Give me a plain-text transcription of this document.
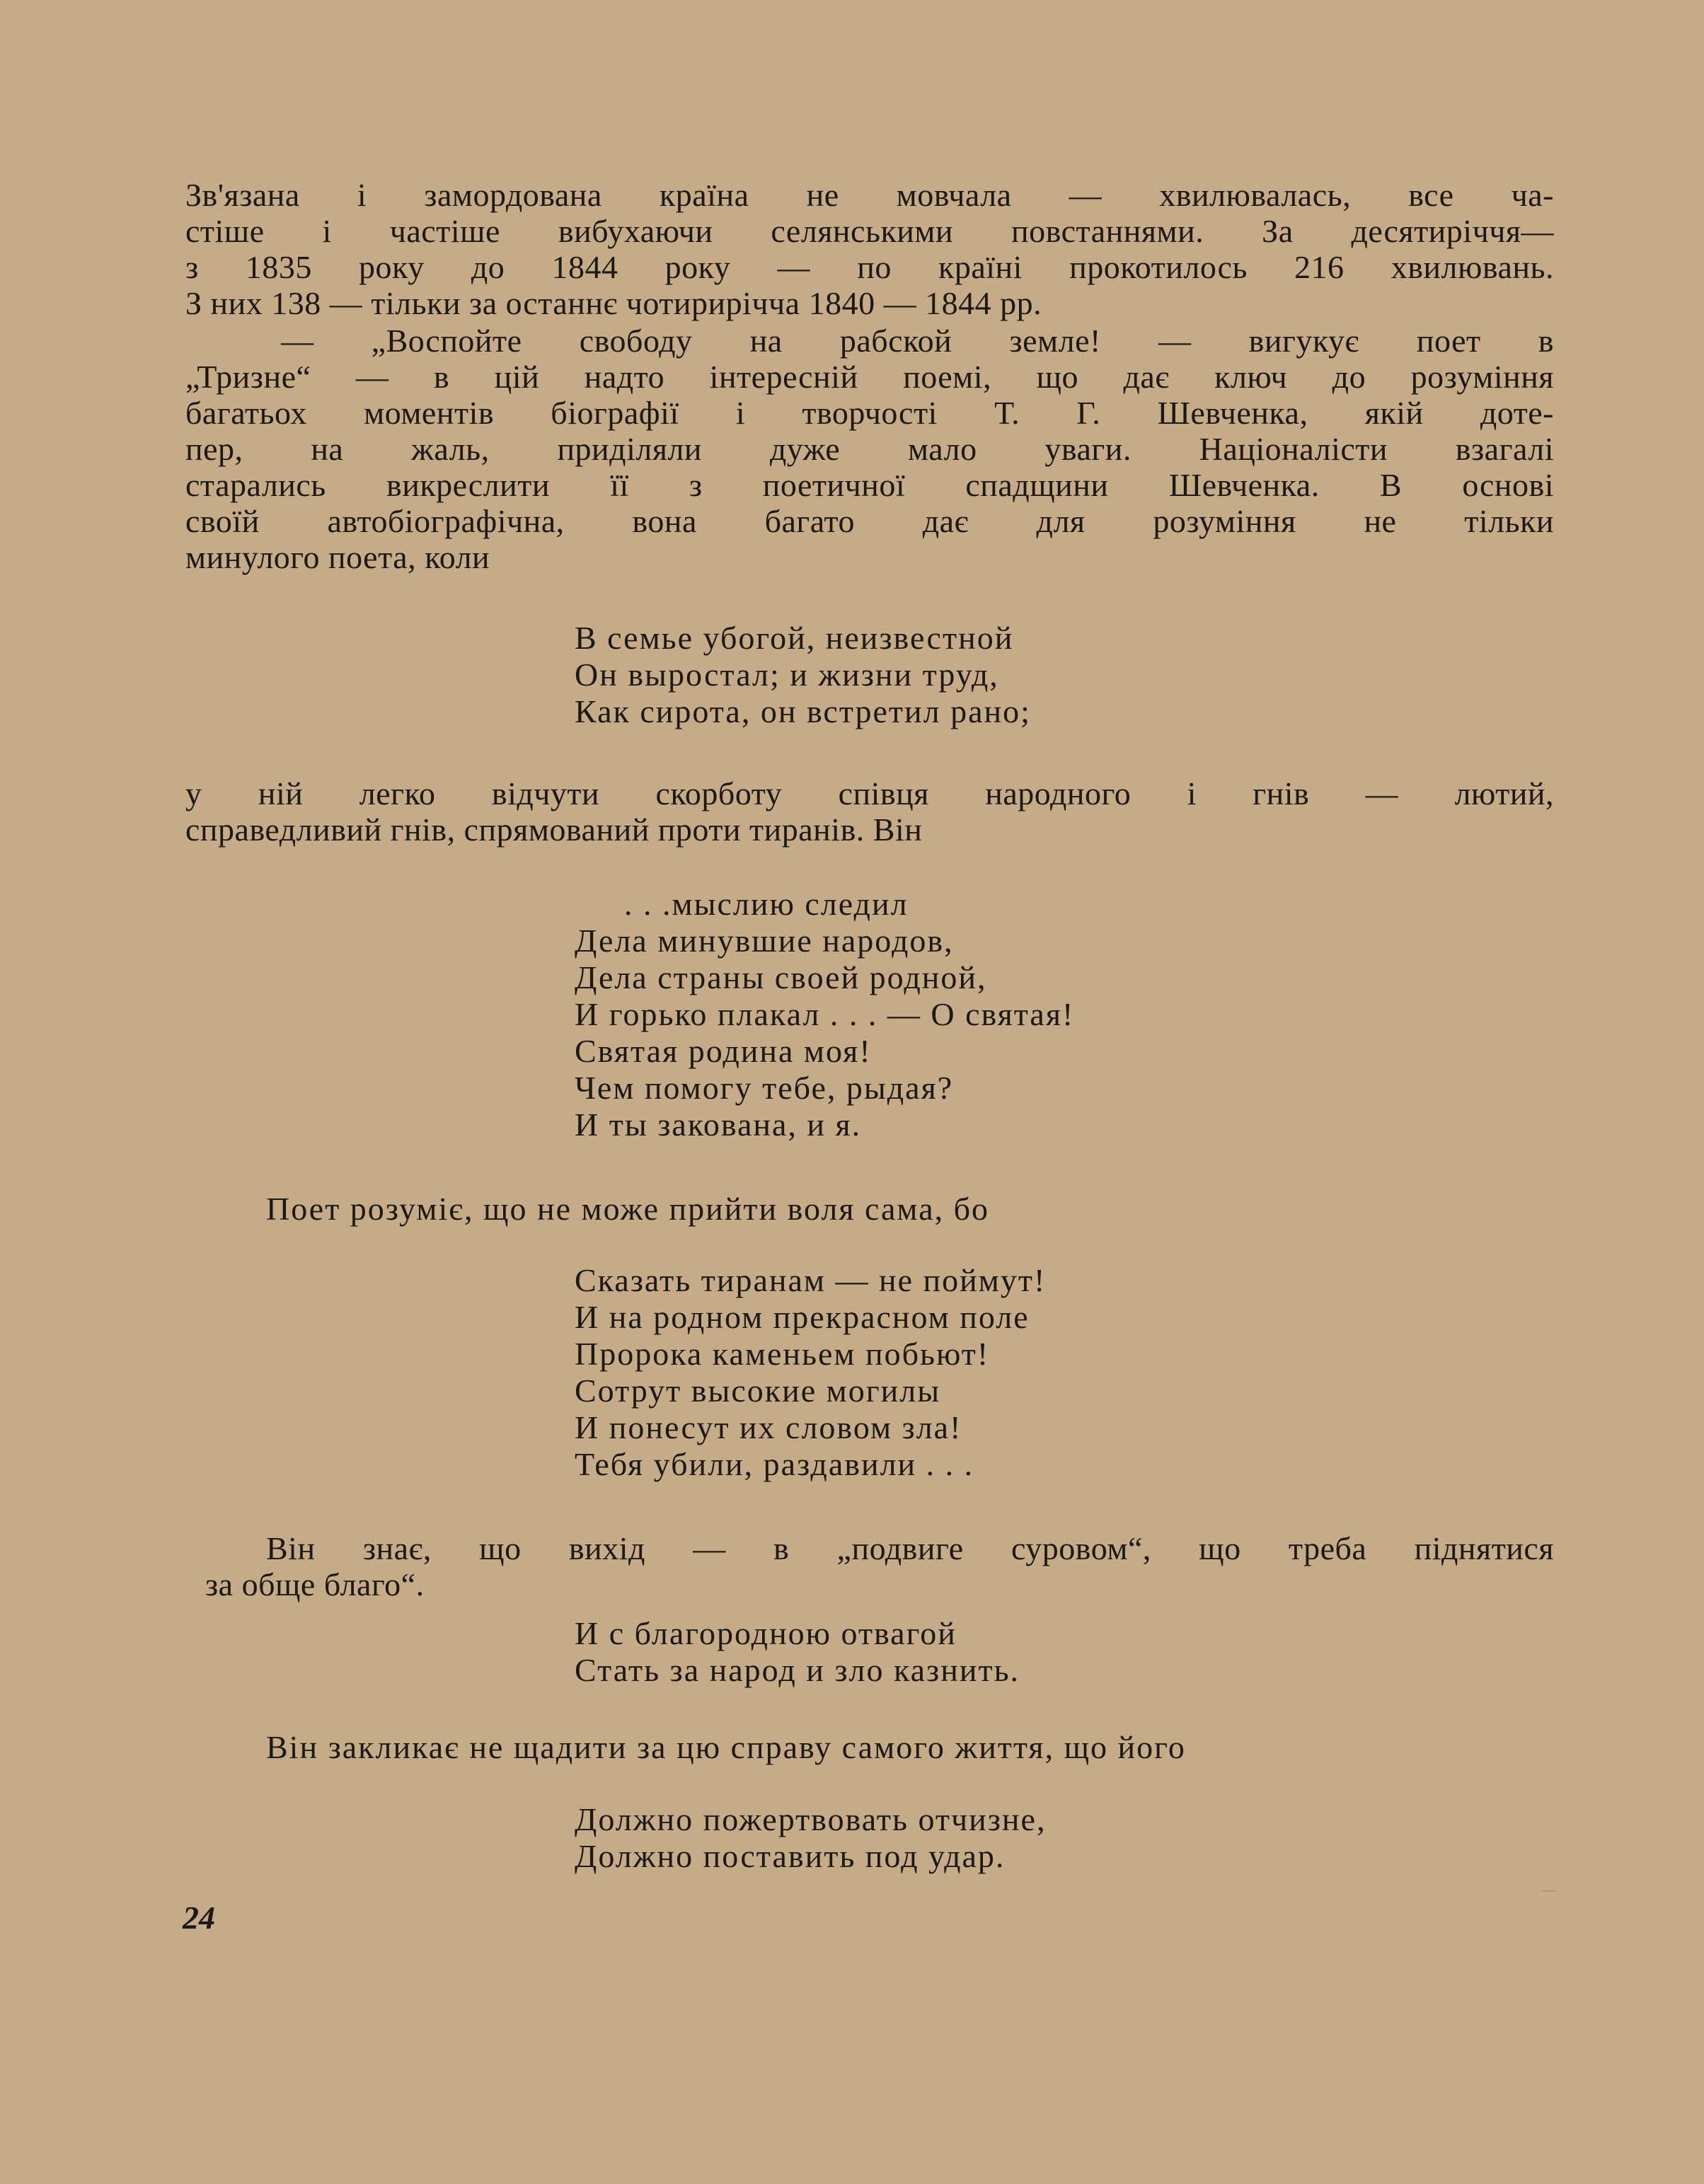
Зв'язана і замордована країна не мовчала — хвилювалась, все ча-
стіше і частіше вибухаючи селянськими повстаннями. За десятиріччя—
з 1835 року до 1844 року — по країні прокотилось 216 хвилювань.
З них 138 — тільки за останнє чотирирічча 1840 — 1844 рр.

— „Воспойте свободу на рабской земле! — вигукує поет в
„Тризне“ — в цій надто інтересній поемі, що дає ключ до розуміння
багатьох моментів біографії і творчості Т. Г. Шевченка, якій доте-
пер, на жаль, приділяли дуже мало уваги. Націоналісти взагалі
старались викреслити її з поетичної спадщини Шевченка. В основі
своїй автобіографічна, вона багато дає для розуміння не тільки
минулого поета, коли

В семье убогой, неизвестной
Он выростал; и жизни труд,
Как сирота, он встретил рано;

у ній легко відчути скорботу співця народного і гнів — лютий,
справедливий гнів, спрямований проти тиранів. Він

. . .мыслию следил
Дела минувшие народов,
Дела страны своей родной,
И горько плакал . . . — О святая!
Святая родина моя!
Чем помогу тебе, рыдая?
И ты закована, и я.

Поет розуміє, що не може прийти воля сама, бо

Сказать тиранам — не поймут!
И на родном прекрасном поле
Пророка каменьем побьют!
Сотрут высокие могилы
И понесут их словом зла!
Тебя убили, раздавили . . .

Він знає, що вихід — в „подвиге суровом“, що треба піднятися
за обще благо“.

И с благородною отвагой
Стать за народ и зло казнить.

Він закликає не щадити за цю справу самого життя, що його

Должно пожертвовать отчизне,
Должно поставить под удар.
24
